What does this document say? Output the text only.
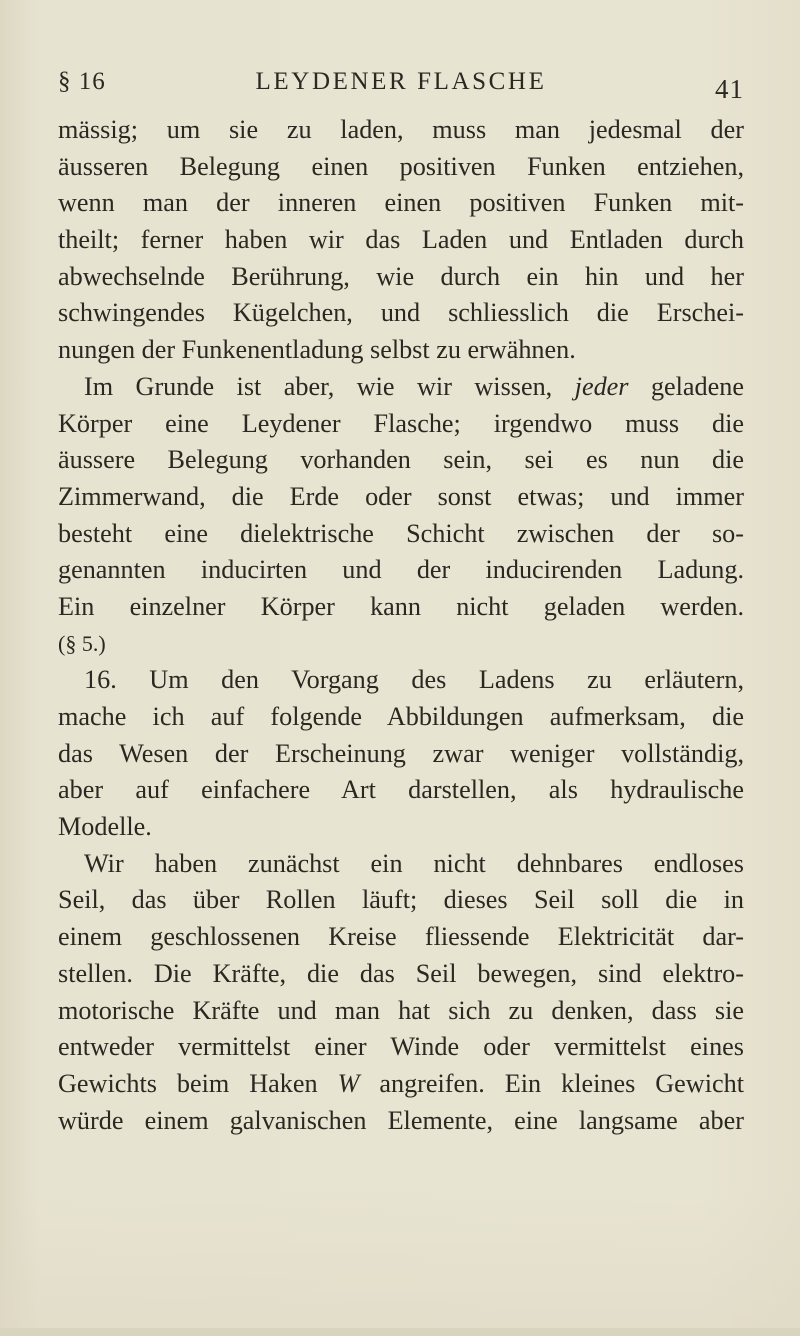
§ 16	LEYDENER FLASCHE	41
mässig; um sie zu laden, muss man jedesmal der
äusseren Belegung einen positiven Funken entziehen,
wenn man der inneren einen positiven Funken mit-
theilt; ferner haben wir das Laden und Entladen durch
abwechselnde Berührung, wie durch ein hin und her
schwingendes Kügelchen, und schliesslich die Erschei-
nungen der Funkenentladung selbst zu erwähnen.
Im Grunde ist aber, wie wir wissen, jeder geladene
Körper eine Leydener Flasche; irgendwo muss die
äussere Belegung vorhanden sein, sei es nun die
Zimmerwand, die Erde oder sonst etwas; und immer
besteht eine dielektrische Schicht zwischen der so-
genannten inducirten und der inducirenden Ladung.
Ein einzelner Körper kann nicht geladen werden.
(§ 5.)
16. Um den Vorgang des Ladens zu erläutern,
mache ich auf folgende Abbildungen aufmerksam, die
das Wesen der Erscheinung zwar weniger vollständig,
aber auf einfachere Art darstellen, als hydraulische
Modelle.
Wir haben zunächst ein nicht dehnbares endloses
Seil, das über Rollen läuft; dieses Seil soll die in
einem geschlossenen Kreise fliessende Elektricität dar-
stellen. Die Kräfte, die das Seil bewegen, sind elektro-
motorische Kräfte und man hat sich zu denken, dass sie
entweder vermittelst einer Winde oder vermittelst eines
Gewichts beim Haken W angreifen. Ein kleines Gewicht
würde einem galvanischen Elemente, eine langsame aber
